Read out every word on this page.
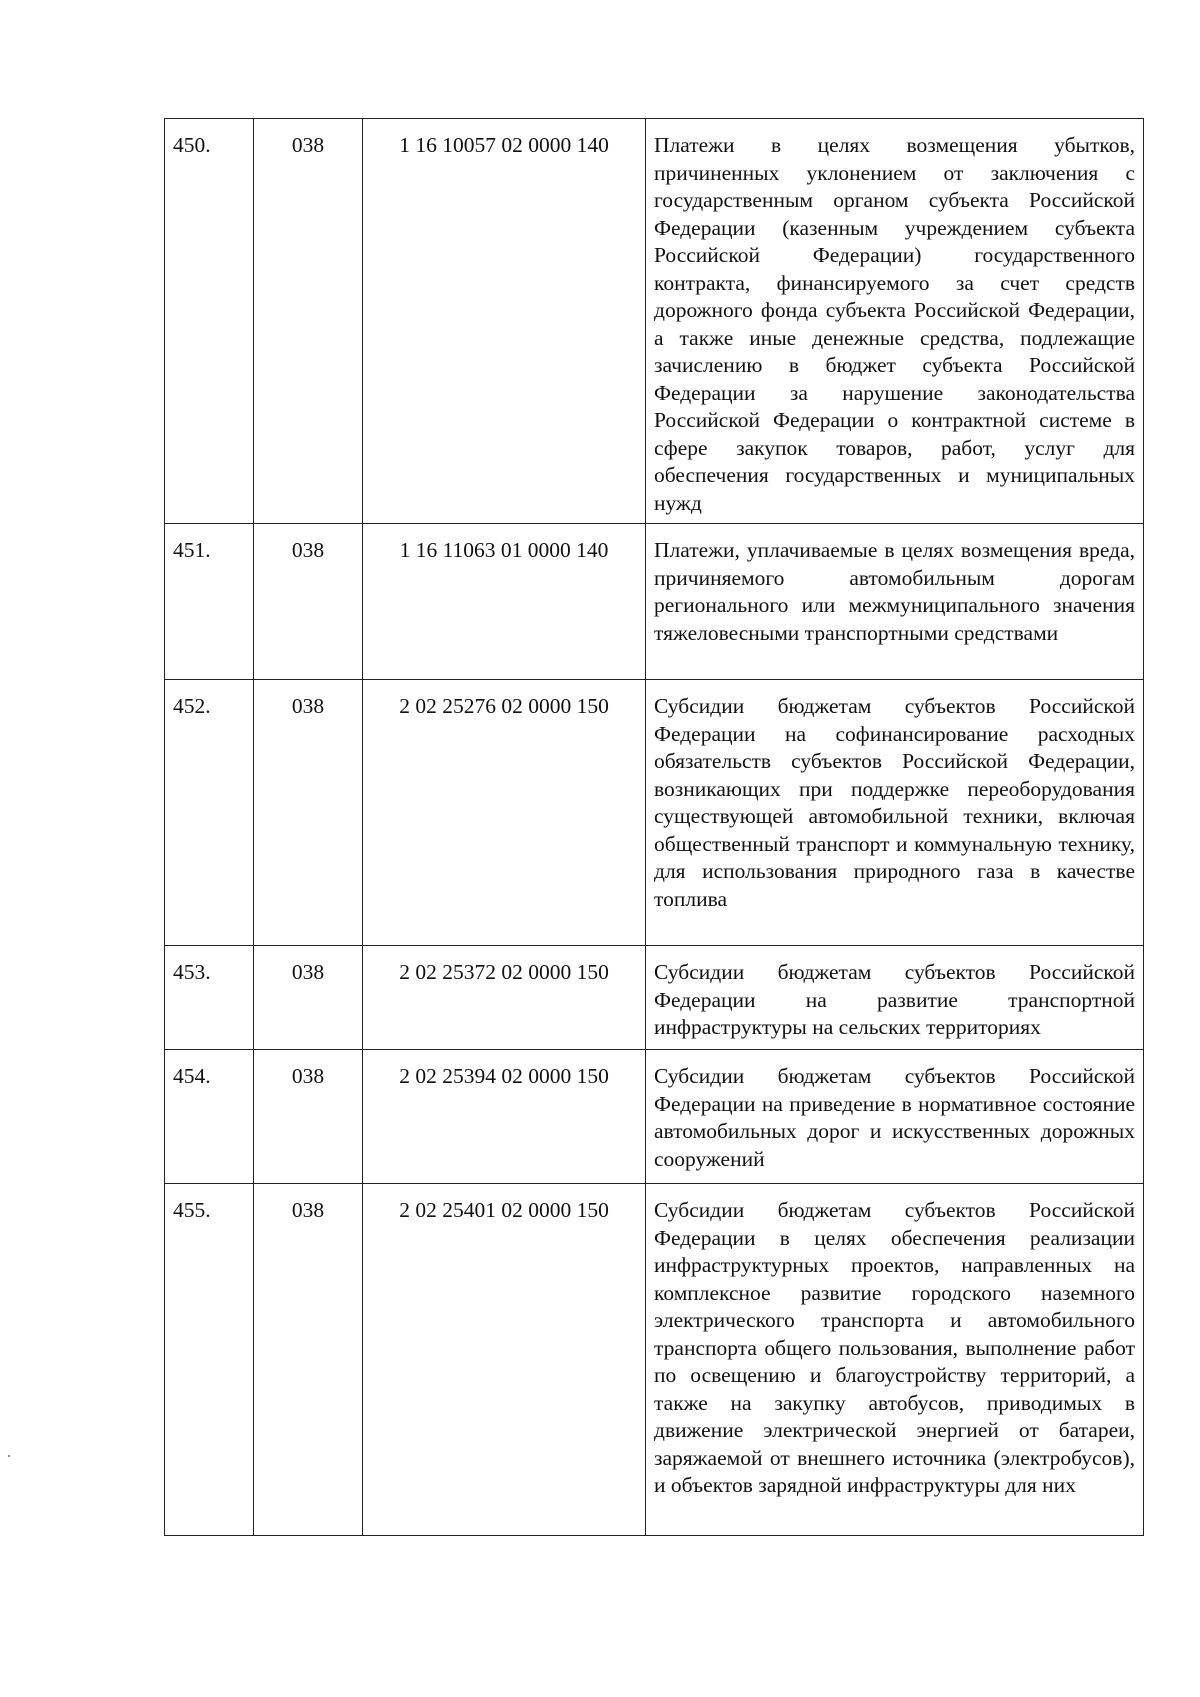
450.	038	1 16 10057 02 0000 140	Платежи в целях возмещения убытков, причиненных уклонением от заключения с государственным органом субъекта Российской Федерации (казенным учреждением субъекта Российской Федерации) государственного контракта, финансируемого за счет средств дорожного фонда субъекта Российской Федерации, а также иные денежные средства, подлежащие зачислению в бюджет субъекта Российской Федерации за нарушение законодательства Российской Федерации о контрактной системе в сфере закупок товаров, работ, услуг для обеспечения государственных и муниципальных нужд
451.	038	1 16 11063 01 0000 140	Платежи, уплачиваемые в целях возмещения вреда, причиняемого автомобильным дорогам регионального или межмуниципального значения тяжеловесными транспортными средствами
452.	038	2 02 25276 02 0000 150	Субсидии бюджетам субъектов Российской Федерации на софинансирование расходных обязательств субъектов Российской Федерации, возникающих при поддержке переоборудования существующей автомобильной техники, включая общественный транспорт и коммунальную технику, для использования природного газа в качестве топлива
453.	038	2 02 25372 02 0000 150	Субсидии бюджетам субъектов Российской Федерации на развитие транспортной инфраструктуры на сельских территориях
454.	038	2 02 25394 02 0000 150	Субсидии бюджетам субъектов Российской Федерации на приведение в нормативное состояние автомобильных дорог и искусственных дорожных сооружений
455.	038	2 02 25401 02 0000 150	Субсидии бюджетам субъектов Российской Федерации в целях обеспечения реализации инфраструктурных проектов, направленных на комплексное развитие городского наземного электрического транспорта и автомобильного транспорта общего пользования, выполнение работ по освещению и благоустройству территорий, а также на закупку автобусов, приводимых в движение электрической энергией от батареи, заряжаемой от внешнего источника (электробусов), и объектов зарядной инфраструктуры для них
